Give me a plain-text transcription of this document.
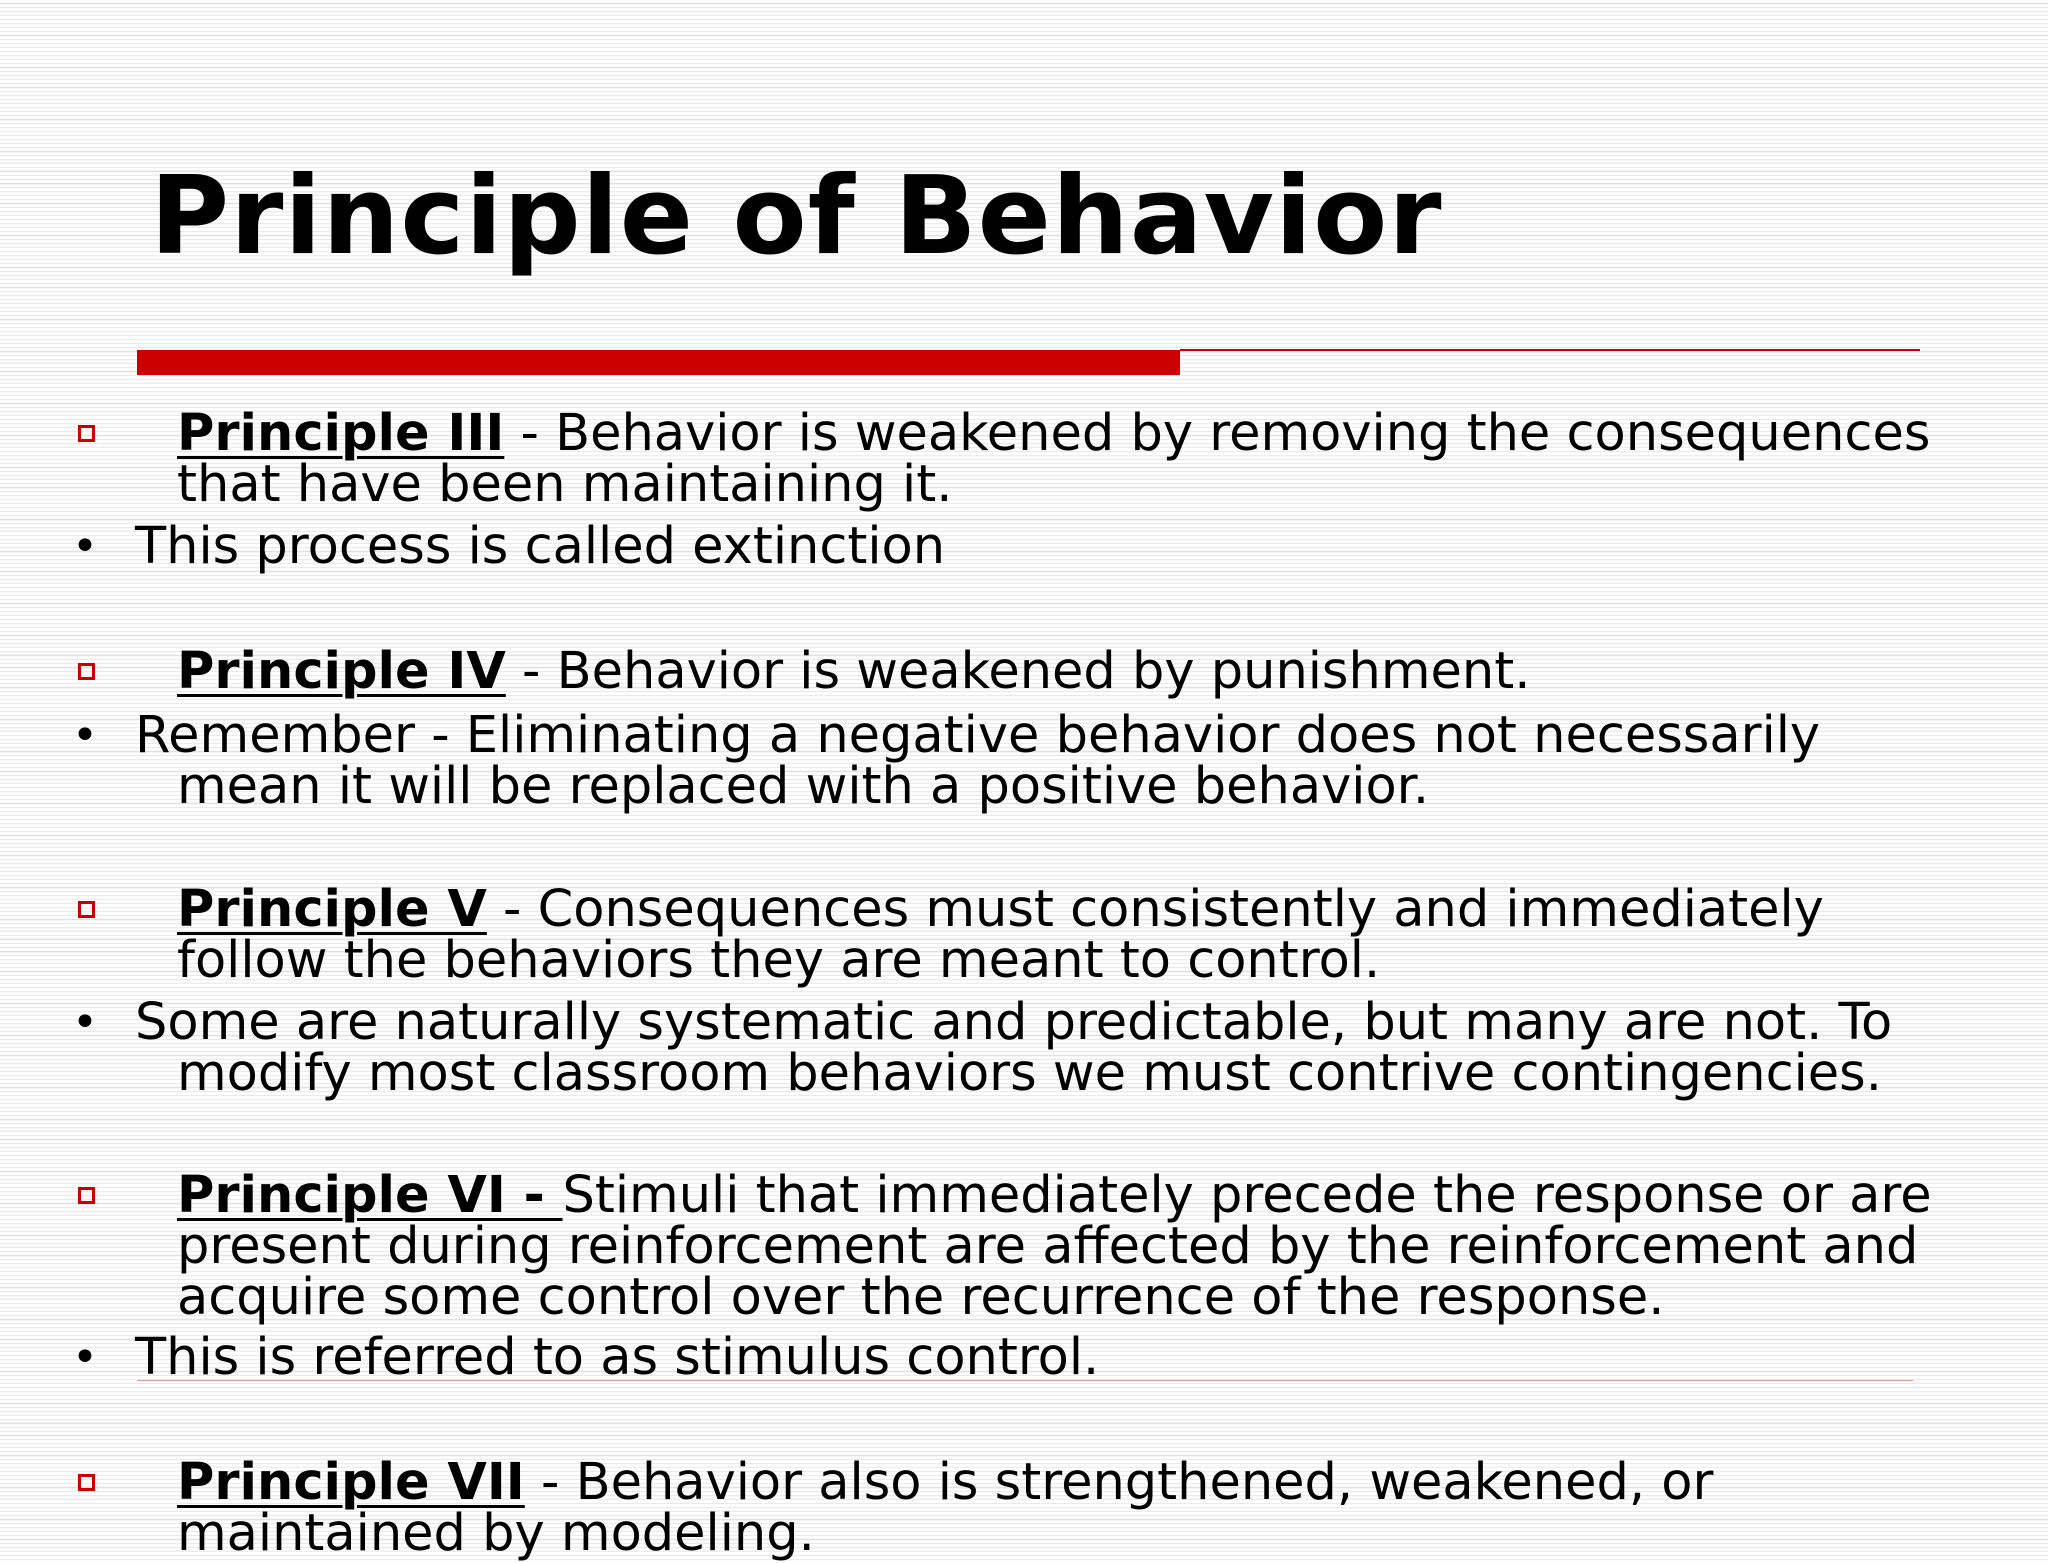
Principle of Behavior
Principle III - Behavior is weakened by removing the consequences
that have been maintaining it.
• This process is called extinction
Principle IV - Behavior is weakened by punishment.
• Remember - Eliminating a negative behavior does not necessarily
mean it will be replaced with a positive behavior.
Principle V - Consequences must consistently and immediately
follow the behaviors they are meant to control.
• Some are naturally systematic and predictable, but many are not. To
modify most classroom behaviors we must contrive contingencies.
Principle VI - Stimuli that immediately precede the response or are
present during reinforcement are affected by the reinforcement and
acquire some control over the recurrence of the response.
• This is referred to as stimulus control.
Principle VII - Behavior also is strengthened, weakened, or
maintained by modeling.
